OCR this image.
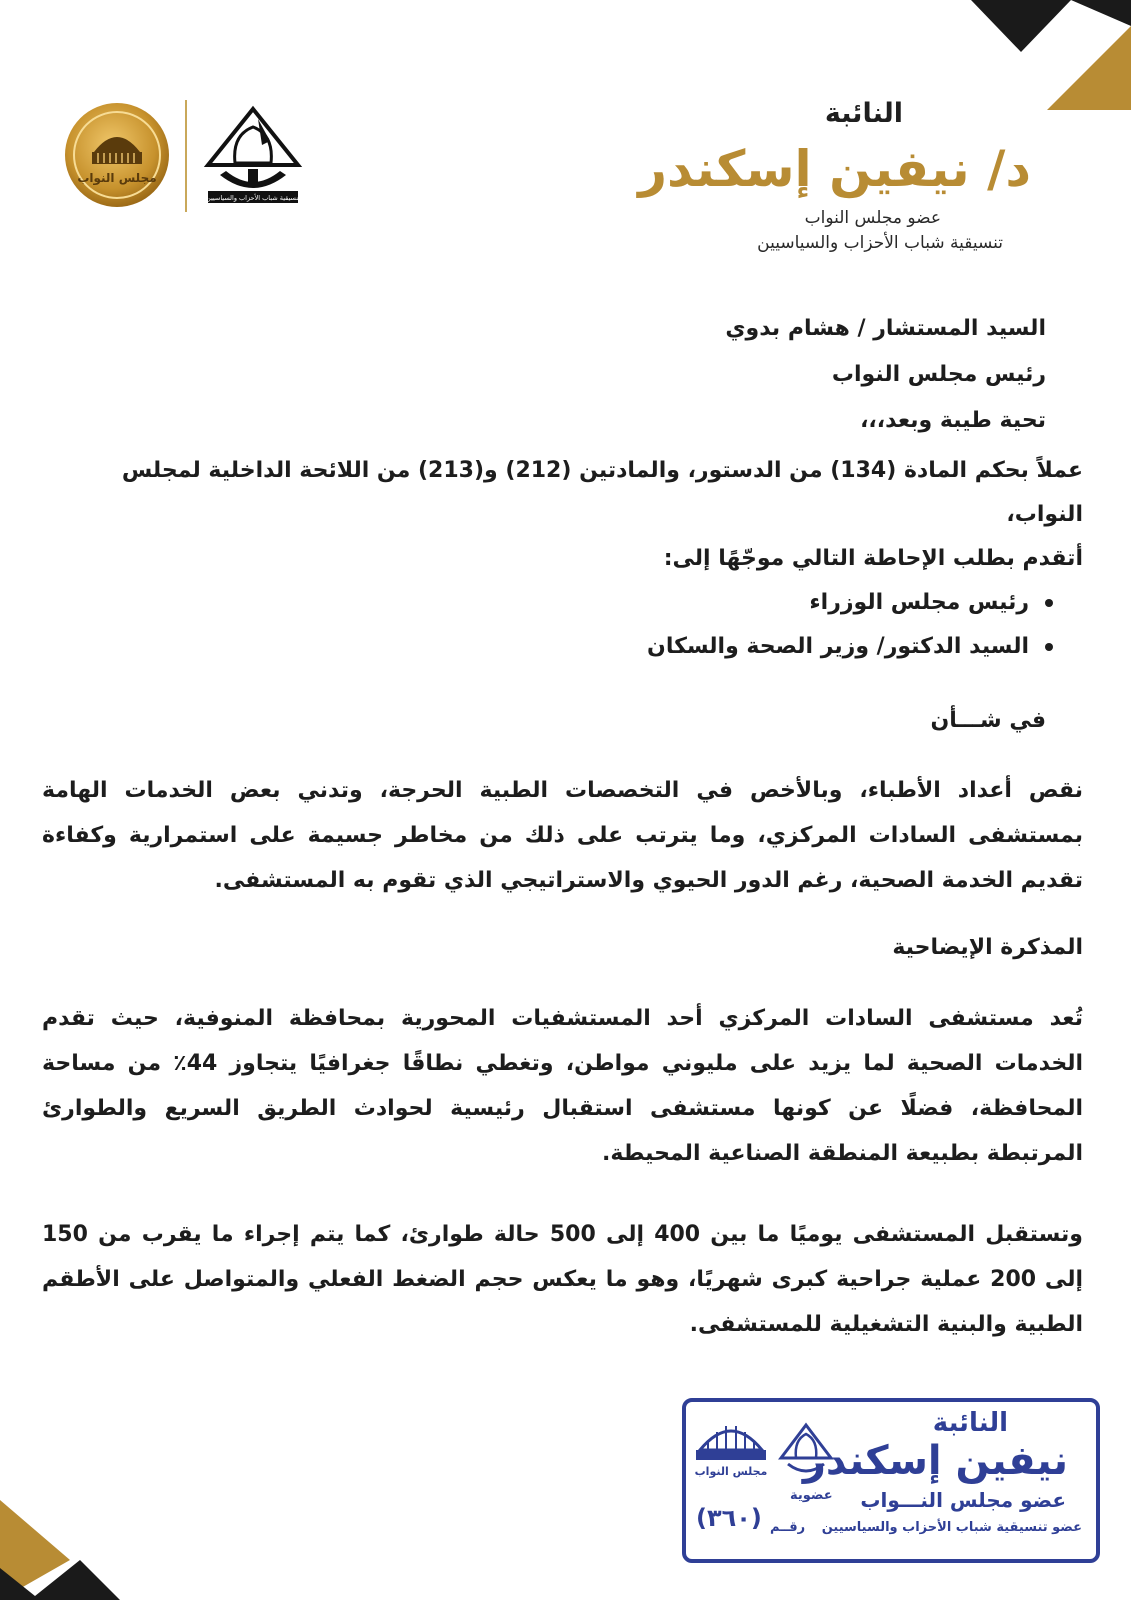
مجلس النواب
تنسيقية شباب الأحزاب والسياسيين
النائبة
د/ نيفين إسكندر
عضو مجلس النواب
تنسيقية شباب الأحزاب والسياسيين
السيد المستشار / هشام بدوي
رئيس مجلس النواب
تحية طيبة وبعد،،،
عملاً بحكم المادة (134) من الدستور، والمادتين (212) و(213) من اللائحة الداخلية لمجلس
النواب،
أتقدم بطلب الإحاطة التالي موجّهًا إلى:
رئيس مجلس الوزراء
السيد الدكتور/ وزير الصحة والسكان
في شـــأن
نقص أعداد الأطباء، وبالأخص في التخصصات الطبية الحرجة، وتدني بعض الخدمات الهامة بمستشفى السادات المركزي، وما يترتب على ذلك من مخاطر جسيمة على استمرارية وكفاءة تقديم الخدمة الصحية، رغم الدور الحيوي والاستراتيجي الذي تقوم به المستشفى.
المذكرة الإيضاحية
تُعد مستشفى السادات المركزي أحد المستشفيات المحورية بمحافظة المنوفية، حيث تقدم الخدمات الصحية لما يزيد على مليوني مواطن، وتغطي نطاقًا جغرافيًا يتجاوز 44٪ من مساحة المحافظة، فضلًا عن كونها مستشفى استقبال رئيسية لحوادث الطريق السريع والطوارئ المرتبطة بطبيعة المنطقة الصناعية المحيطة.
وتستقبل المستشفى يوميًا ما بين 400 إلى 500 حالة طوارئ، كما يتم إجراء ما يقرب من 150 إلى 200 عملية جراحية كبرى شهريًا، وهو ما يعكس حجم الضغط الفعلي والمتواصل على الأطقم الطبية والبنية التشغيلية للمستشفى.
النائبة
نيفين إسكندر
عضو مجلس النـــواب
عضو تنسيقية شباب الأحزاب والسياسيين
عضوية
رقــم
(٣٦٠)
مجلس النواب
